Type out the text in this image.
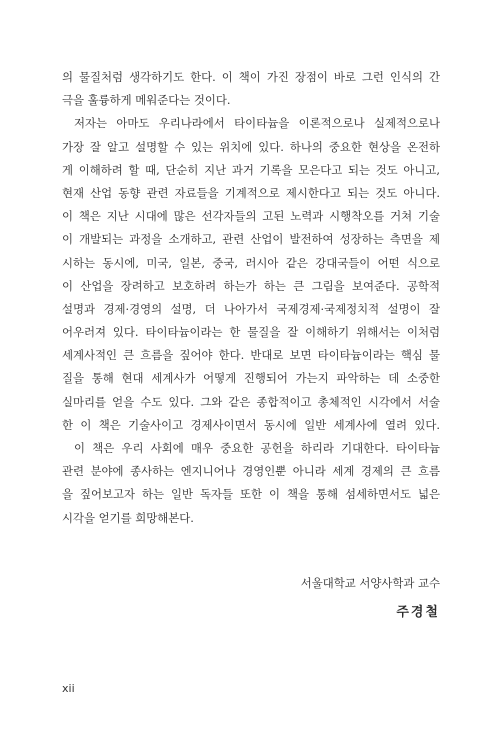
의 물질처럼 생각하기도 한다. 이 책이 가진 장점이 바로 그런 인식의 간
극을 훌륭하게 메워준다는 것이다.
저자는 아마도 우리나라에서 타이타늄을 이론적으로나 실제적으로나
가장 잘 알고 설명할 수 있는 위치에 있다. 하나의 중요한 현상을 온전하
게 이해하려 할 때, 단순히 지난 과거 기록을 모은다고 되는 것도 아니고,
현재 산업 동향 관련 자료들을 기계적으로 제시한다고 되는 것도 아니다.
이 책은 지난 시대에 많은 선각자들의 고된 노력과 시행착오를 거쳐 기술
이 개발되는 과정을 소개하고, 관련 산업이 발전하여 성장하는 측면을 제
시하는 동시에, 미국, 일본, 중국, 러시아 같은 강대국들이 어떤 식으로
이 산업을 장려하고 보호하려 하는가 하는 큰 그림을 보여준다. 공학적
설명과 경제·경영의 설명, 더 나아가서 국제경제·국제정치적 설명이 잘
어우러져 있다. 타이타늄이라는 한 물질을 잘 이해하기 위해서는 이처럼
세계사적인 큰 흐름을 짚어야 한다. 반대로 보면 타이타늄이라는 핵심 물
질을 통해 현대 세계사가 어떻게 진행되어 가는지 파악하는 데 소중한
실마리를 얻을 수도 있다. 그와 같은 종합적이고 총체적인 시각에서 서술
한 이 책은 기술사이고 경제사이면서 동시에 일반 세계사에 열려 있다.
이 책은 우리 사회에 매우 중요한 공헌을 하리라 기대한다. 타이타늄
관련 분야에 종사하는 엔지니어나 경영인뿐 아니라 세계 경제의 큰 흐름
을 짚어보고자 하는 일반 독자들 또한 이 책을 통해 섬세하면서도 넓은
시각을 얻기를 희망해본다.
서울대학교 서양사학과 교수
주경철
xii
